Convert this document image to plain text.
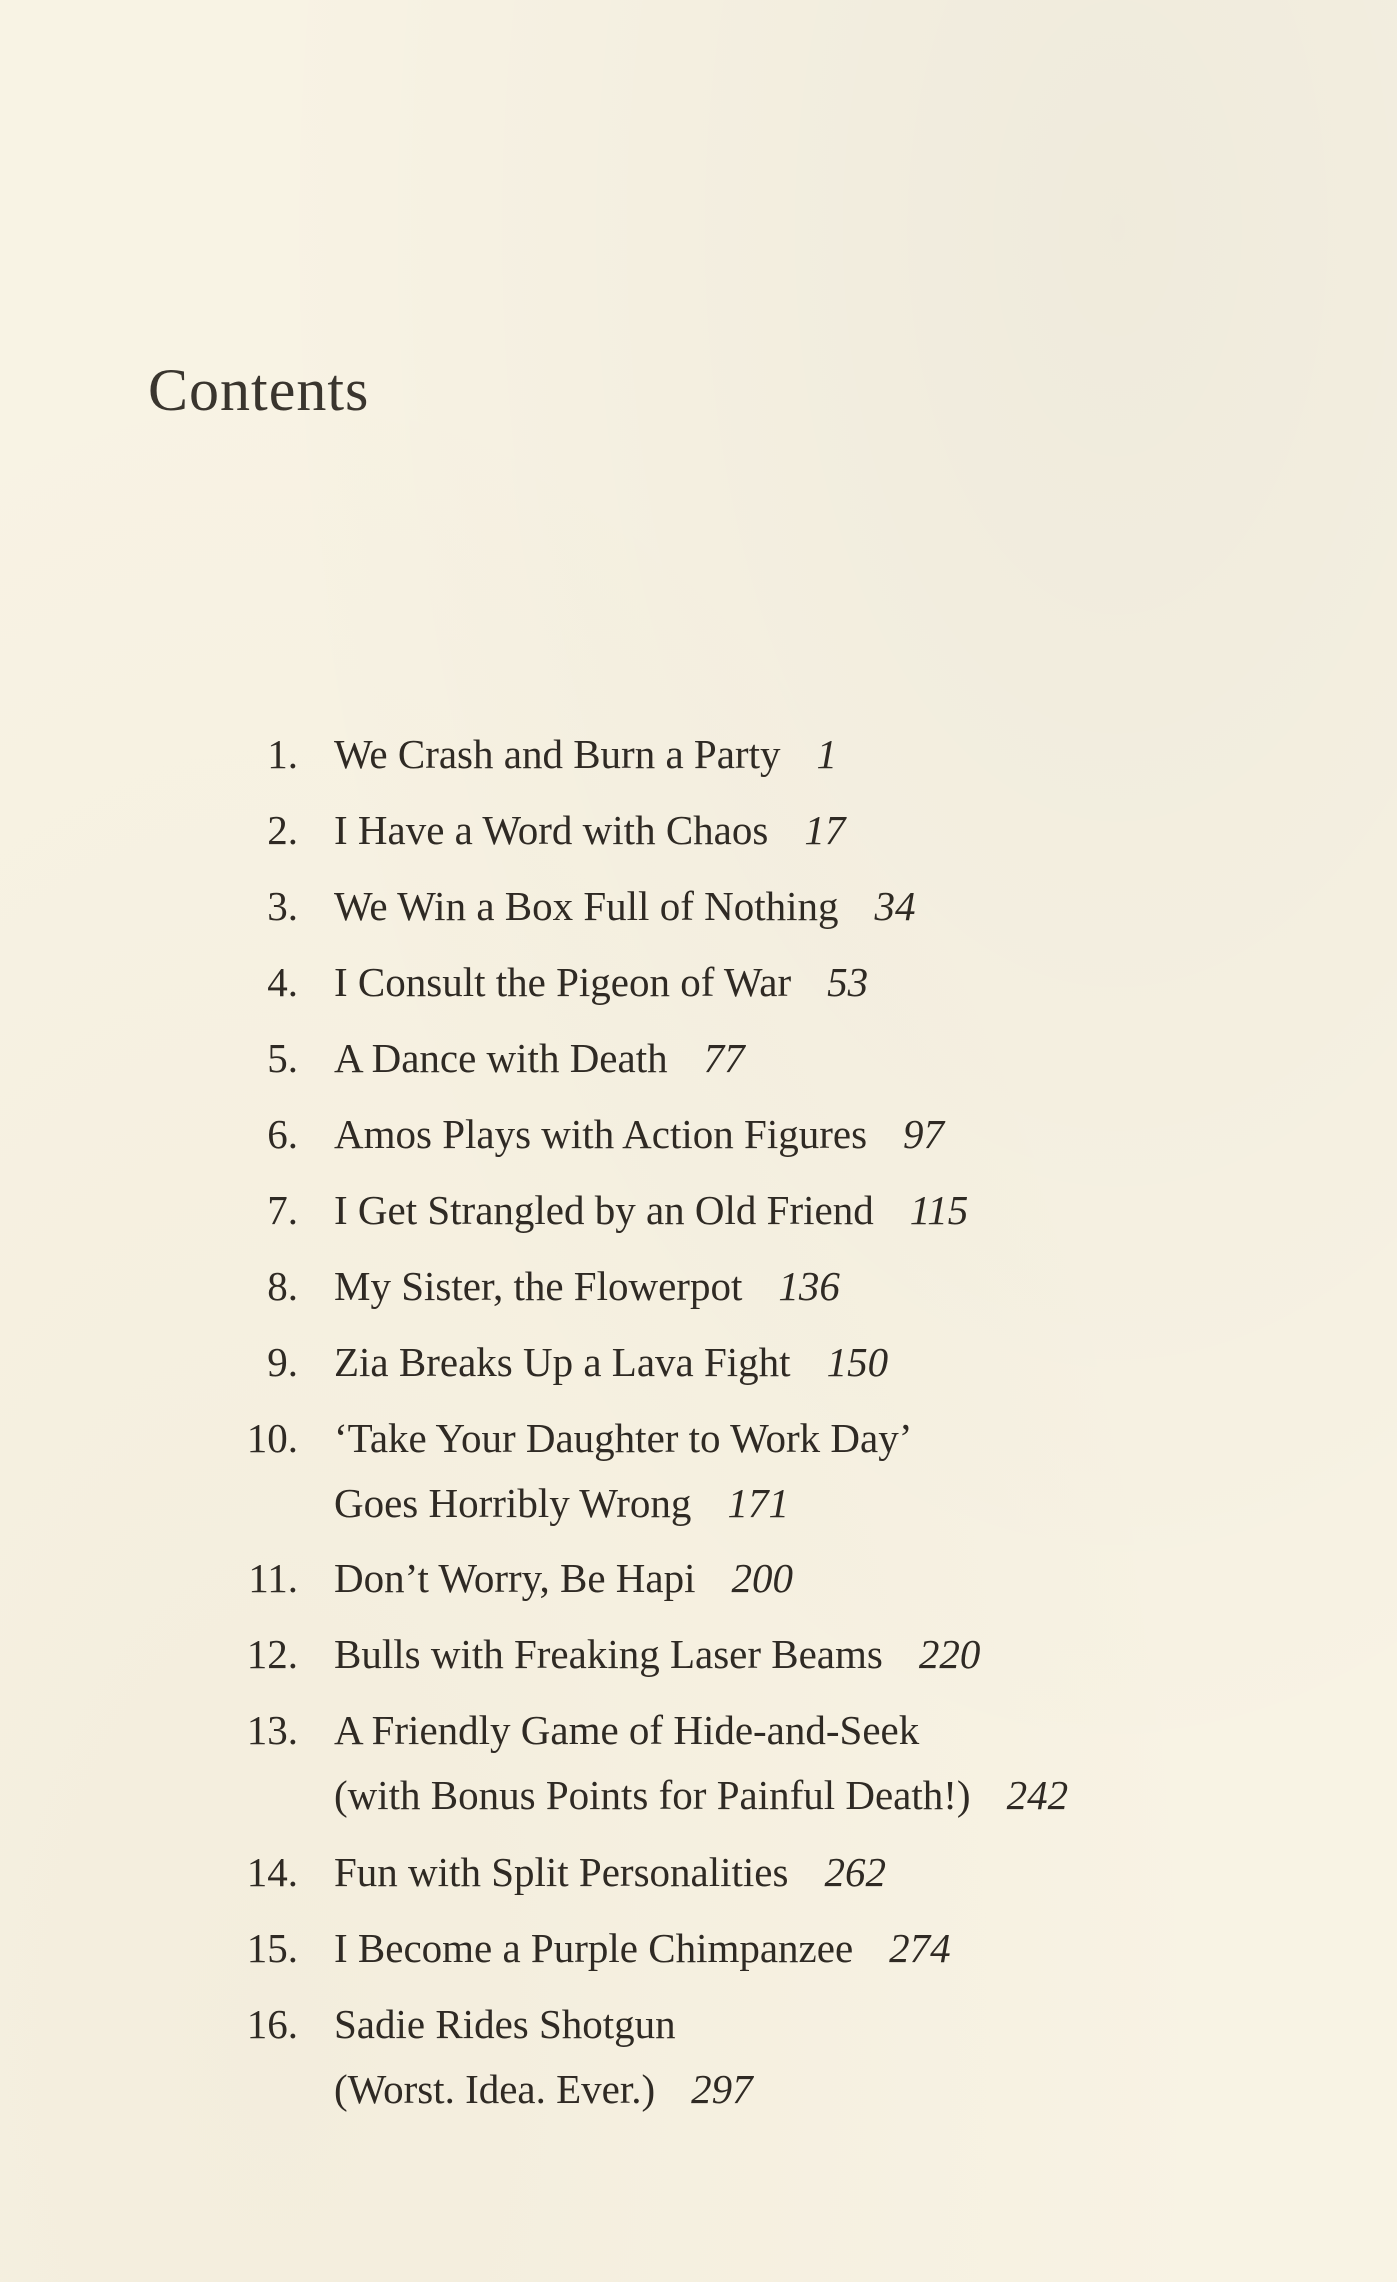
Contents
1. We Crash and Burn a Party 1
2. I Have a Word with Chaos 17
3. We Win a Box Full of Nothing 34
4. I Consult the Pigeon of War 53
5. A Dance with Death 77
6. Amos Plays with Action Figures 97
7. I Get Strangled by an Old Friend 115
8. My Sister, the Flowerpot 136
9. Zia Breaks Up a Lava Fight 150
10. ‘Take Your Daughter to Work Day’
Goes Horribly Wrong 171
11. Don’t Worry, Be Hapi 200
12. Bulls with Freaking Laser Beams 220
13. A Friendly Game of Hide-and-Seek
(with Bonus Points for Painful Death!) 242
14. Fun with Split Personalities 262
15. I Become a Purple Chimpanzee 274
16. Sadie Rides Shotgun
(Worst. Idea. Ever.) 297
